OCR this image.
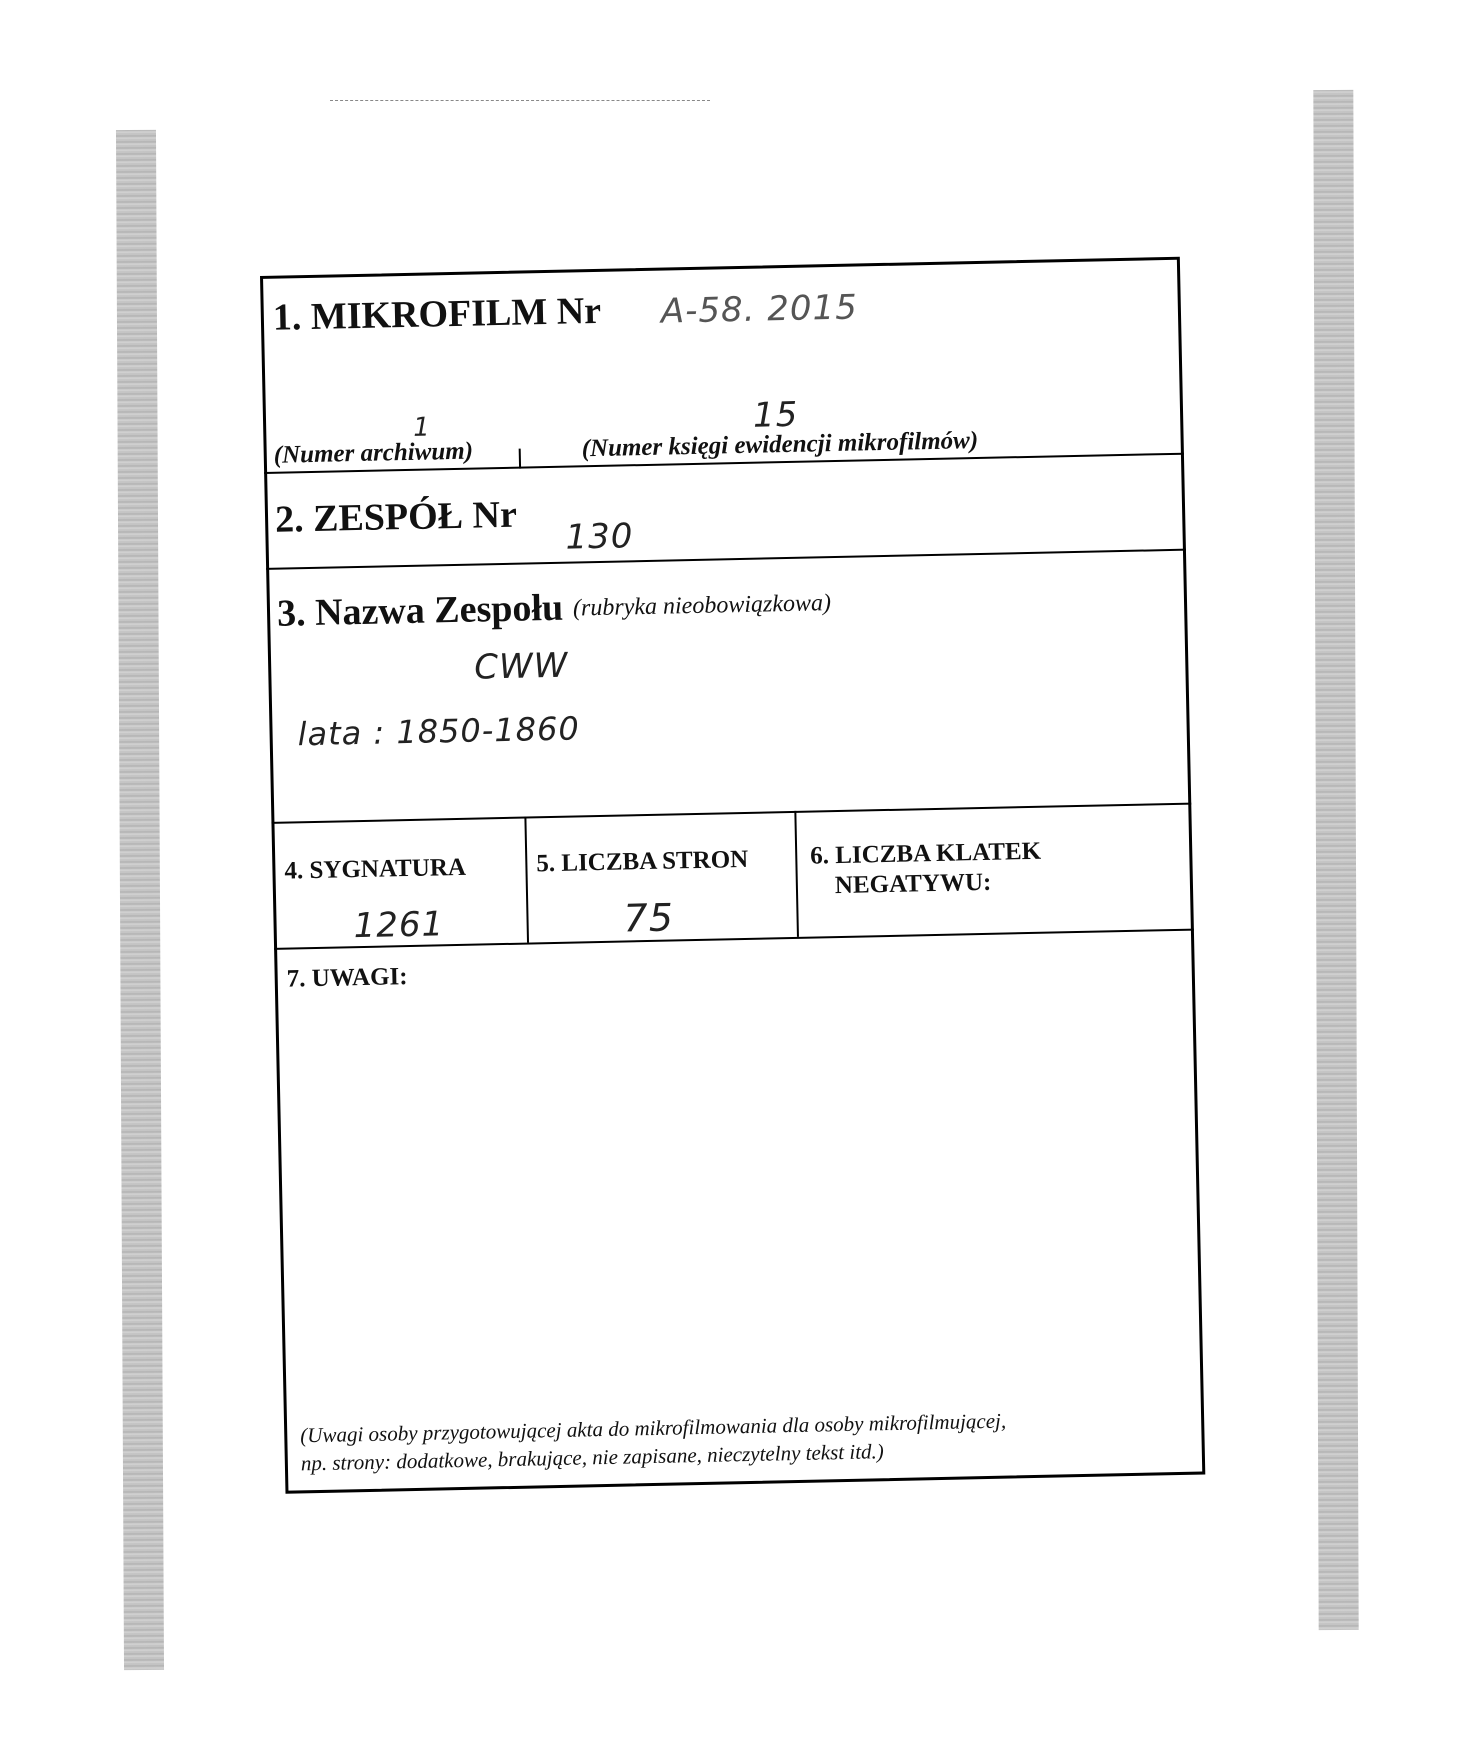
1. MIKROFILM Nr A-58. 2015
1	15
(Numer archiwum)	(Numer księgi ewidencji mikrofilmów)
2. ZESPÓŁ Nr 130
3. Nazwa Zespołu (rubryka nieobowiązkowa)
CWW
lata : 1850-1860
4. SYGNATURA
1261
5. LICZBA STRON
75
6. LICZBA KLATEK
NEGATYWU:
7. UWAGI:
(Uwagi osoby przygotowującej akta do mikrofilmowania dla osoby mikrofilmującej,
np. strony: dodatkowe, brakujące, nie zapisane, nieczytelny tekst itd.)
